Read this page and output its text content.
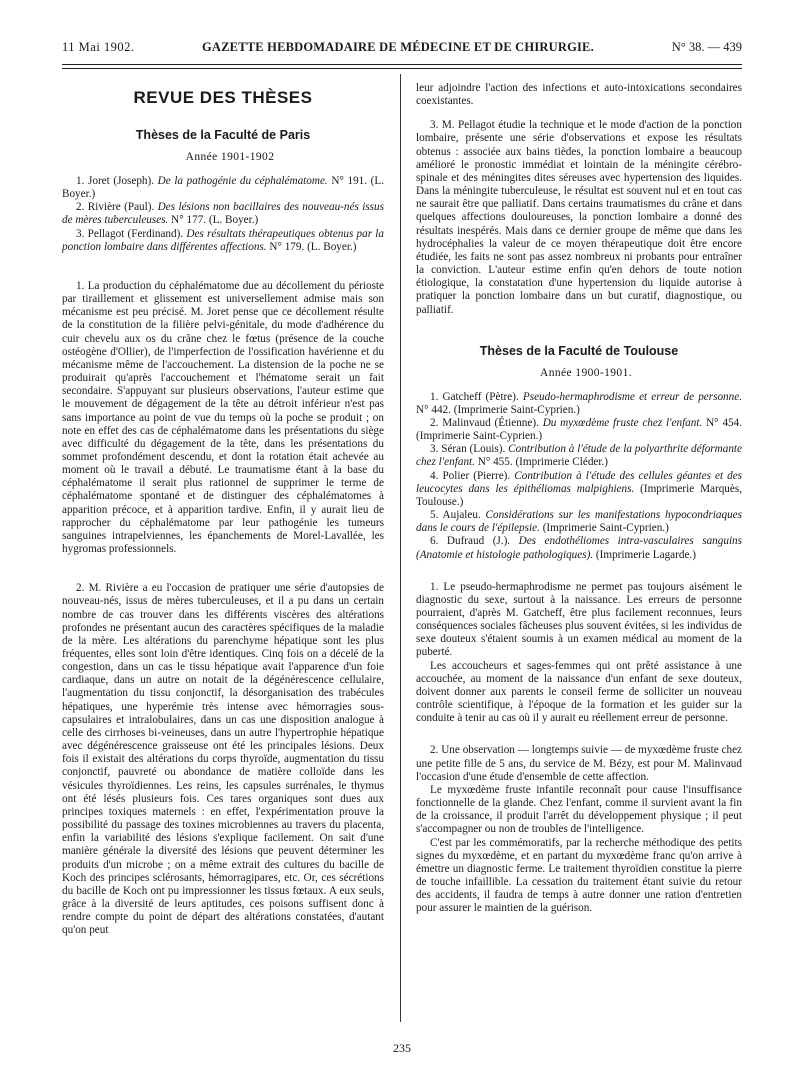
11 Mai 1902.	GAZETTE HEBDOMADAIRE DE MÉDECINE ET DE CHIRURGIE.	N° 38. — 439
REVUE DES THÈSES
Thèses de la Faculté de Paris

Année 1901-1902

1. Joret (Joseph). De la pathogénie du céphalématome. N° 191. (L. Boyer.)

2. Rivière (Paul). Des lésions non bacillaires des nouveau-nés issus de mères tuberculeuses. N° 177. (L. Boyer.)

3. Pellagot (Ferdinand). Des résultats thérapeutiques obtenus par la ponction lombaire dans différentes affections. N° 179. (L. Boyer.)

1. La production du céphalématome due au décollement du périoste par tiraillement et glissement est universellement admise mais son mécanisme est peu précisé. M. Joret pense que ce décollement résulte de la constitution de la filière pelvi-génitale, du mode d'adhérence du cuir chevelu aux os du crâne chez le fœtus (présence de la couche ostéogène d'Ollier), de l'imperfection de l'ossification havérienne et du mécanisme même de l'accouchement. La distension de la poche ne se produirait qu'après l'accouchement et l'hématome serait un fait secondaire. S'appuyant sur plusieurs observations, l'auteur estime que le mouvement de dégagement de la tête au détroit inférieur n'est pas sans importance au point de vue du temps où la poche se produit ; on note en effet des cas de céphalématome dans les présentations du siège avec difficulté du dégagement de la tête, dans les présentations du sommet profondément descendu, et dont la rotation était achevée au moment où le travail a débuté. Le traumatisme étant à la base du céphalématome il serait plus rationnel de supprimer le terme de céphalématome spontané et de distinguer des céphalématomes à apparition précoce, et à apparition tardive. Enfin, il y aurait lieu de rapprocher du céphalématome par leur pathogénie les tumeurs sanguines intrapelviennes, les épanchements de Morel-Lavallée, les hygromas professionnels.

2. M. Rivière a eu l'occasion de pratiquer une série d'autopsies de nouveau-nés, issus de mères tuberculeuses, et il a pu dans un certain nombre de cas trouver dans les différents viscères des altérations profondes ne présentant aucun des caractères spécifiques de la maladie de la mère. Les altérations du parenchyme hépatique sont les plus fréquentes, elles sont loin d'être identiques. Cinq fois on a décelé de la congestion, dans un cas le tissu hépatique avait l'apparence d'un foie cardiaque, dans un autre on notait de la dégénérescence cellulaire, l'augmentation du tissu conjonctif, la désorganisation des trabécules hépatiques, une hyperémie très intense avec hémorragies sous-capsulaires et intralobulaires, dans un cas une disposition analogue à celle des cirrhoses bi-veineuses, dans un autre l'hypertrophie hépatique avec dégénérescence graisseuse ont été les principales lésions. Deux fois il existait des altérations du corps thyroïde, augmentation du tissu conjonctif, pauvreté ou abondance de matière colloïde dans les vésicules thyroïdiennes. Les reins, les capsules surrénales, le thymus ont été lésés plusieurs fois. Ces tares organiques sont dues aux principes toxiques maternels : en effet, l'expérimentation prouve la possibilité du passage des toxines microbiennes au travers du placenta, enfin la variabilité des lésions s'explique facilement. On sait d'une manière générale la diversité des lésions que peuvent déterminer les produits d'un microbe ; on a même extrait des cultures du bacille de Koch des principes sclérosants, hémorragipares, etc. Or, ces sécrétions du bacille de Koch ont pu impressionner les tissus fœtaux. A eux seuls, grâce à la diversité de leurs aptitudes, ces poisons suffisent donc à rendre compte du point de départ des altérations constatées, d'autant qu'on peut

leur adjoindre l'action des infections et auto-intoxications secondaires coexistantes.

3. M. Pellagot étudie la technique et le mode d'action de la ponction lombaire, présente une série d'observations et expose les résultats obtenus : associée aux bains tièdes, la ponction lombaire a beaucoup amélioré le pronostic immédiat et lointain de la méningite cérébro-spinale et des méningites dites séreuses avec hypertension des liquides. Dans la méningite tuberculeuse, le résultat est souvent nul et en tout cas ne saurait être que palliatif. Dans certains traumatismes du crâne et dans quelques affections douloureuses, la ponction lombaire a donné des résultats inespérés. Mais dans ce dernier groupe de même que dans les hydrocéphalies la valeur de ce moyen thérapeutique doit être encore étudiée, les faits ne sont pas assez nombreux ni probants pour entraîner la conviction. L'auteur estime enfin qu'en dehors de toute notion étiologique, la constatation d'une hypertension du liquide autorise à pratiquer la ponction lombaire dans un but curatif, diagnostique, ou palliatif.

Thèses de la Faculté de Toulouse

Année 1900-1901.

1. Gatcheff (Pètre). Pseudo-hermaphrodisme et erreur de personne. N° 442. (Imprimerie Saint-Cyprien.)

2. Malinvaud (Étienne). Du myxœdème fruste chez l'enfant. N° 454. (Imprimerie Saint-Cyprien.)

3. Séran (Louis). Contribution à l'étude de la polyarthrite déformante chez l'enfant. N° 455. (Imprimerie Cléder.)

4. Polier (Pierre). Contribution à l'étude des cellules géantes et des leucocytes dans les épithéliomas malpighiens. (Imprimerie Marquès, Toulouse.)

5. Aujaleu. Considérations sur les manifestations hypocondriaques dans le cours de l'épilepsie. (Imprimerie Saint-Cyprien.)

6. Dufraud (J.). Des endothéliomes intra-vasculaires sanguins (Anatomie et histologie pathologiques). (Imprimerie Lagarde.)

1. Le pseudo-hermaphrodisme ne permet pas toujours aisément le diagnostic du sexe, surtout à la naissance. Les erreurs de personne pourraient, d'après M. Gatcheff, être plus facilement reconnues, leurs conséquences sociales fâcheuses plus souvent évitées, si les individus de sexe douteux s'étaient soumis à un examen médical au moment de la puberté.

Les accoucheurs et sages-femmes qui ont prêté assistance à une accouchée, au moment de la naissance d'un enfant de sexe douteux, doivent donner aux parents le conseil ferme de solliciter un nouveau contrôle scientifique, à l'époque de la formation et les guider sur la conduite à tenir au cas où il y aurait eu réellement erreur de personne.

2. Une observation — longtemps suivie — de myxœdème fruste chez une petite fille de 5 ans, du service de M. Bézy, est pour M. Malinvaud l'occasion d'une étude d'ensemble de cette affection.

Le myxœdème fruste infantile reconnaît pour cause l'insuffisance fonctionnelle de la glande. Chez l'enfant, comme il survient avant la fin de la croissance, il produit l'arrêt du développement physique ; il peut s'accompagner ou non de troubles de l'intelligence.

C'est par les commémoratifs, par la recherche méthodique des petits signes du myxœdème, et en partant du myxœdème franc qu'on arrive à émettre un diagnostic ferme. Le traitement thyroïdien constitue la pierre de touche infaillible. La cessation du traitement étant suivie du retour des accidents, il faudra de temps à autre donner une ration d'entretien pour assurer le maintien de la guérison.

235
